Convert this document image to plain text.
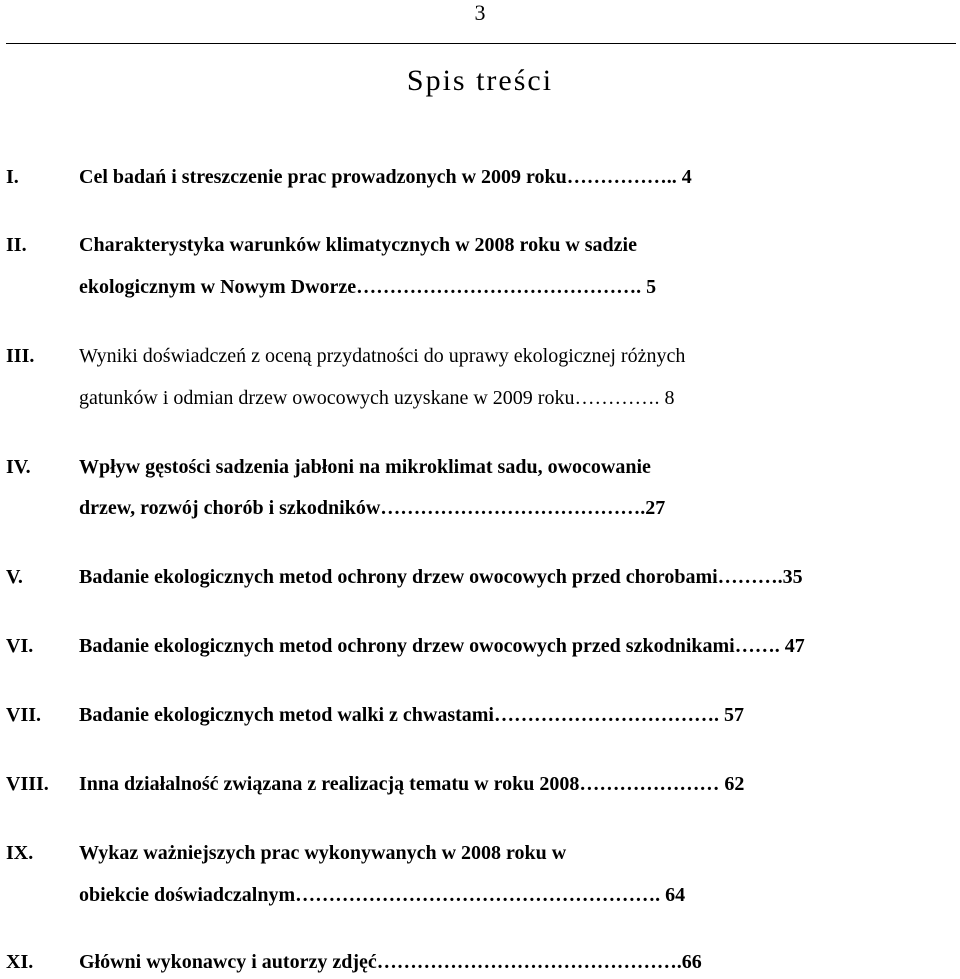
3
Spis treści
I.	Cel badań i streszczenie prac prowadzonych w 2009 roku…………….. 4
II.	Charakterystyka warunków klimatycznych w 2008 roku w sadzie
ekologicznym w Nowym Dworze……………………………………. 5
III. Wyniki doświadczeń z oceną przydatności do uprawy ekologicznej różnych
gatunków i odmian drzew owocowych uzyskane w 2009 roku…………. 8
IV. Wpływ gęstości sadzenia jabłoni na mikroklimat sadu, owocowanie
drzew, rozwój chorób i szkodników………………………………….27
V.	Badanie ekologicznych metod ochrony drzew owocowych przed chorobami……….35
VI. Badanie ekologicznych metod ochrony drzew owocowych przed szkodnikami……. 47
VII. Badanie ekologicznych metod walki z chwastami……………………………. 57
VIII. Inna działalność związana z realizacją tematu w roku 2008………………… 62
IX. Wykaz ważniejszych prac wykonywanych w 2008 roku w
obiekcie doświadczalnym………………………………………………. 64
XI. Główni wykonawcy i autorzy zdjęć……………………………………….66
